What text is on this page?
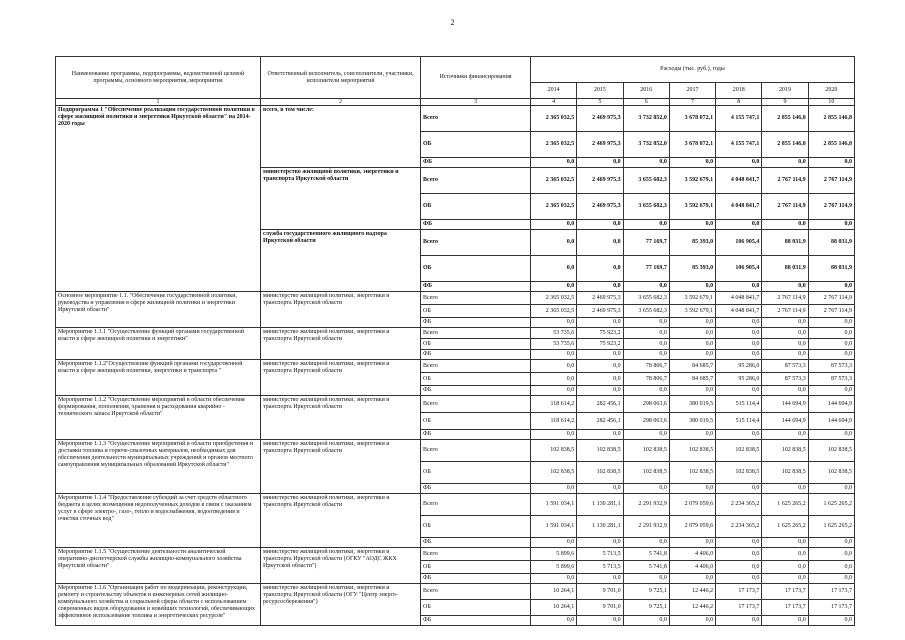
2
Наименование программы, подпрограммы, ведомственной целевой программы, основного мероприятия, мероприятия	Ответственный исполнитель, соисполнители, участники, исполнители мероприятий	Источники финансирования	Расходы (тыс. руб.), годы						
			2014	2015	2016	2017	2018	2019	2020
1	2	3	4	5	6	7	8	9	10
Подпрограмма 1 "Обеспечение реализации государственной политики в сфере жилищной политики и энергетики Иркутской области" на 2014-2020 годы	всего, в том числе:	Всего	2 365 032,5	2 469 975,3	3 732 852,0	3 678 072,1	4 155 747,1	2 855 146,8	2 855 146,8
		ОБ	2 365 032,5	2 469 975,3	3 732 852,0	3 678 072,1	4 155 747,1	2 855 146,8	2 855 146,8
		ФБ	0,0	0,0	0,0	0,0	0,0	0,0	0,0
	министерство жилищной политики, энергетики и транспорта Иркутской области	Всего	2 365 032,5	2 469 975,3	3 655 682,3	3 592 679,1	4 048 841,7	2 767 114,9	2 767 114,9
		ОБ	2 365 032,5	2 469 975,3	3 655 682,3	3 592 679,1	4 048 841,7	2 767 114,9	2 767 114,9
		ФБ	0,0	0,0	0,0	0,0	0,0	0,0	0,0
	служба государственного жилищного надзора Иркутской области	Всего	0,0	0,0	77 169,7	85 393,0	106 905,4	88 031,9	88 031,9
		ОБ	0,0	0,0	77 169,7	85 393,0	106 905,4	88 031,9	88 031,9
		ФБ	0,0	0,0	0,0	0,0	0,0	0,0	0,0
Основное мероприятие 1.1. "Обеспечение государственной политики, руководства и управления в сфере жилищной политики и энергетики Иркутской области"	министерство жилищной политики, энергетики и транспорта Иркутской области	Всего	2 365 032,5	2 469 975,3	3 655 682,3	3 592 679,1	4 048 841,7	2 767 114,9	2 767 114,9
		ОБ	2 365 032,5	2 469 975,3	3 655 682,3	3 592 679,1	4 048 841,7	2 767 114,9	2 767 114,9
		ФБ	0,0	0,0	0,0	0,0	0,0	0,0	0,0
Мероприятие 1.1.1 "Осуществление функций органами государственной власти в сфере жилищной политики и энергетики"	министерство жилищной политики, энергетики и транспорта Иркутской области	Всего	53 735,6	75 923,2	0,0	0,0	0,0	0,0	0,0
		ОБ	53 735,6	75 923,2	0,0	0,0	0,0	0,0	0,0
		ФБ	0,0	0,0	0,0	0,0	0,0	0,0	0,0
Мероприятие 1.1.2"Осуществление функций органами государственной власти в сфере жилищной политики, энергетики и транспорта "	министерство жилищной политики, энергетики и транспорта Иркутской области	Всего	0,0	0,0	78 806,7	84 685,7	95 286,0	87 573,3	87 573,3
		ОБ	0,0	0,0	78 806,7	84 685,7	95 286,0	87 573,3	87 573,3
		ФБ	0,0	0,0	0,0	0,0	0,0	0,0	0,0
Мероприятие 1.1.2 "Осуществление мероприятий в области обеспечения формирования, пополнения, хранения и расходования аварийно - технического запаса Иркутской области"	министерство жилищной политики, энергетики и транспорта Иркутской области	Всего	118 614,2	282 456,1	298 063,6	380 019,5	515 114,4	144 694,9	144 694,9
		ОБ	118 614,2	282 456,1	298 063,6	380 019,5	515 114,4	144 694,9	144 694,9
		ФБ	0,0	0,0	0,0	0,0	0,0	0,0	0,0
Мероприятие 1.1.3 "Осуществление мероприятий в области приобретения и доставки топлива и горюче-смазочных материалов, необходимых для обеспечения деятельности муниципальных учреждений и органов местного самоуправления муниципальных образований Иркутской области"	министерство жилищной политики, энергетики и транспорта Иркутской области	Всего	102 838,5	102 838,5	102 838,5	102 838,5	102 838,5	102 838,5	102 838,5
		ОБ	102 838,5	102 838,5	102 838,5	102 838,5	102 838,5	102 838,5	102 838,5
		ФБ	0,0	0,0	0,0	0,0	0,0	0,0	0,0
Мероприятие 1.1.4 "Предоставление субсидий за счет средств областного бюджета в целях возмещения недополученных доходов в связи с оказанием услуг в сфере электро-, газо-, тепло и водоснабжения, водоотведения и очистки сточных вод"	министерство жилищной политики, энергетики и транспорта Иркутской области	Всего	1 591 034,1	1 130 281,1	2 291 932,9	2 079 059,6	2 234 365,2	1 625 265,2	1 625 265,2
		ОБ	1 591 034,1	1 130 281,1	2 291 932,9	2 079 059,6	2 234 365,2	1 625 265,2	1 625 265,2
		ФБ	0,0	0,0	0,0	0,0	0,0	0,0	0,0
Мероприятие 1.1.5 "Осуществление деятельности аналитической оперативно-диспетчерской службы жилищно-коммунального хозяйства Иркутской области"	министерство жилищной политики, энергетики и транспорта Иркутской области (ОГКУ "АОДС ЖКХ Иркутской области")	Всего	5 899,6	5 713,5	5 741,8	4 406,0	0,0	0,0	0,0
		ОБ	5 899,6	5 713,5	5 741,8	4 406,0	0,0	0,0	0,0
		ФБ	0,0	0,0	0,0	0,0	0,0	0,0	0,0
Мероприятие 1.1.6 "Организация работ по модернизации, реконструкции, ремонту и строительству объектов и инженерных сетей жилищно-коммунального хозяйства и социальной сферы области с использованием современных видов оборудования и новейших технологий, обеспечивающих эффективное использование топлива и энергетических ресурсов"	министерство жилищной политики, энергетики и транспорта Иркутской области (ОГУ "Центр энерго-ресурсосбережения")	Всего	10 264,1	9 701,0	9 725,1	12 446,2	17 173,7	17 173,7	17 173,7
		ОБ	10 264,1	9 701,0	9 725,1	12 446,2	17 173,7	17 173,7	17 173,7
		ФБ	0,0	0,0	0,0	0,0	0,0	0,0	0,0
